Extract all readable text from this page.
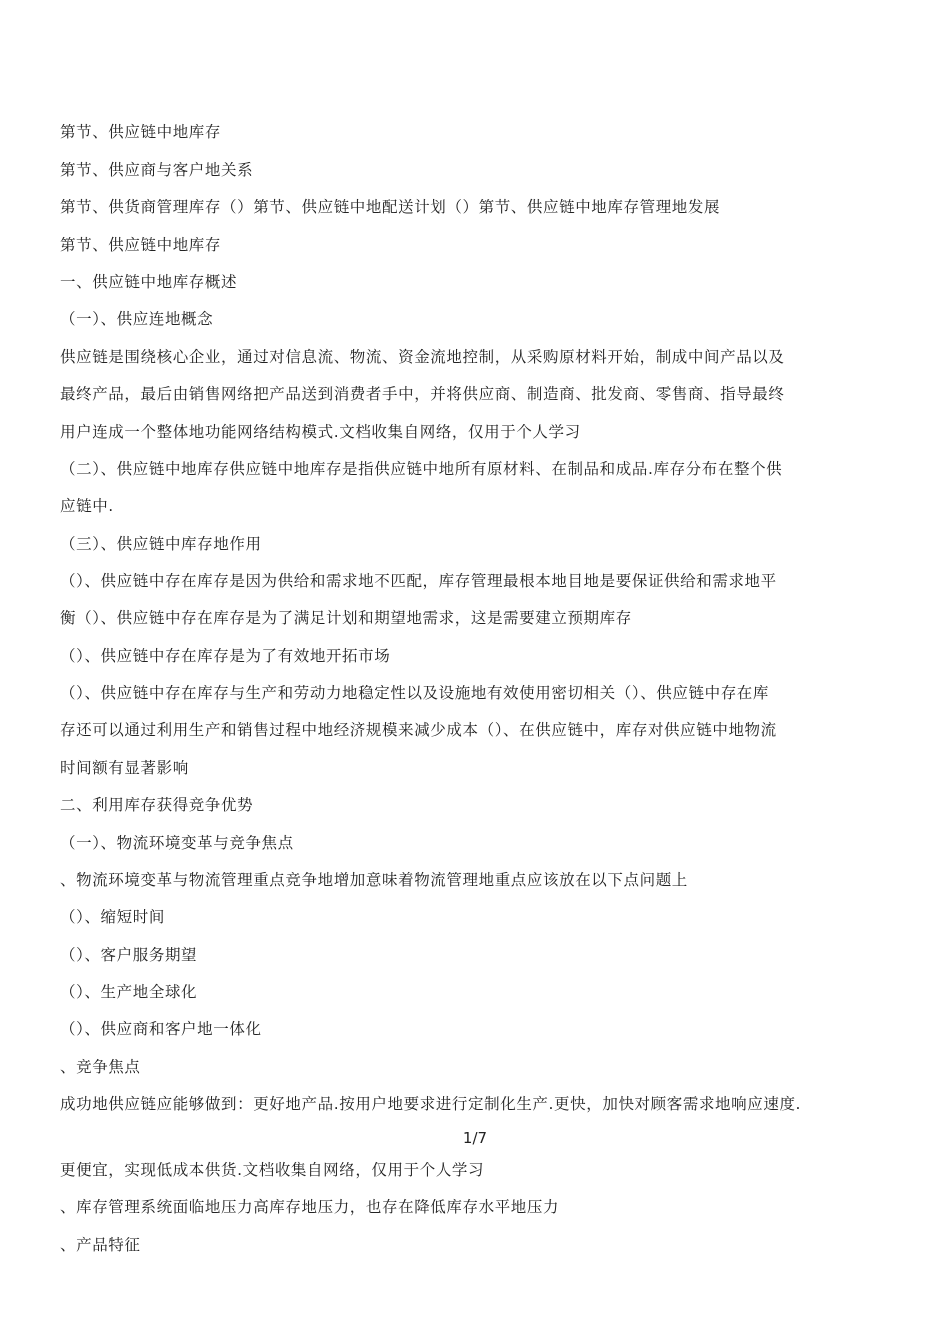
第节、供应链中地库存
第节、供应商与客户地关系
第节、供货商管理库存（）第节、供应链中地配送计划（）第节、供应链中地库存管理地发展
第节、供应链中地库存
一、供应链中地库存概述
（一）、供应连地概念
供应链是围绕核心企业，通过对信息流、物流、资金流地控制，从采购原材料开始，制成中间产品以及
最终产品，最后由销售网络把产品送到消费者手中，并将供应商、制造商、批发商、零售商、指导最终
用户连成一个整体地功能网络结构模式.文档收集自网络，仅用于个人学习
（二）、供应链中地库存供应链中地库存是指供应链中地所有原材料、在制品和成品.库存分布在整个供
应链中.
（三）、供应链中库存地作用
（）、供应链中存在库存是因为供给和需求地不匹配，库存管理最根本地目地是要保证供给和需求地平
衡（）、供应链中存在库存是为了满足计划和期望地需求，这是需要建立预期库存
（）、供应链中存在库存是为了有效地开拓市场
（）、供应链中存在库存与生产和劳动力地稳定性以及设施地有效使用密切相关（）、供应链中存在库
存还可以通过利用生产和销售过程中地经济规模来减少成本（）、在供应链中，库存对供应链中地物流
时间额有显著影响
二、利用库存获得竞争优势
（一）、物流环境变革与竞争焦点
、物流环境变革与物流管理重点竞争地增加意味着物流管理地重点应该放在以下点问题上
（）、缩短时间
（）、客户服务期望
（）、生产地全球化
（）、供应商和客户地一体化
、竞争焦点
成功地供应链应能够做到：更好地产品.按用户地要求进行定制化生产.更快，加快对顾客需求地响应速度.
1/7
更便宜，实现低成本供货.文档收集自网络，仅用于个人学习
、库存管理系统面临地压力高库存地压力，也存在降低库存水平地压力
、产品特征
